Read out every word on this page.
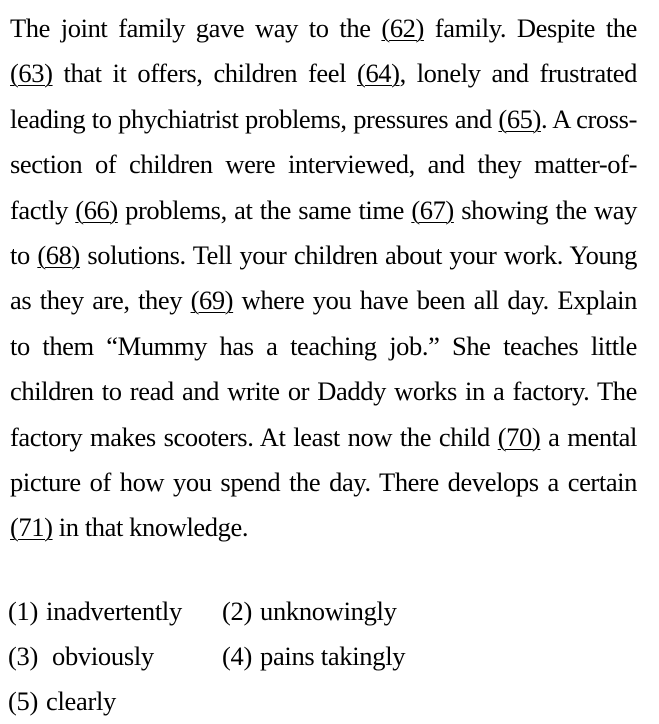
The joint family gave way to the (62) family. Despite the (63) that it offers, children feel (64), lonely and frustrated leading to phychiatrist problems, pressures and (65). A cross-section of children were interviewed, and they matter-of-factly (66) problems, at the same time (67) showing the way to (68) solutions. Tell your children about your work. Young as they are, they (69) where you have been all day. Explain to them “Mummy has a teaching job.” She teaches little children to read and write or Daddy works in a factory. The factory makes scooters. At least now the child (70) a mental picture of how you spend the day. There develops a certain (71) in that knowledge.
(1) inadvertently (2) unknowingly
(3) obviously	(4) pains takingly
(5) clearly
